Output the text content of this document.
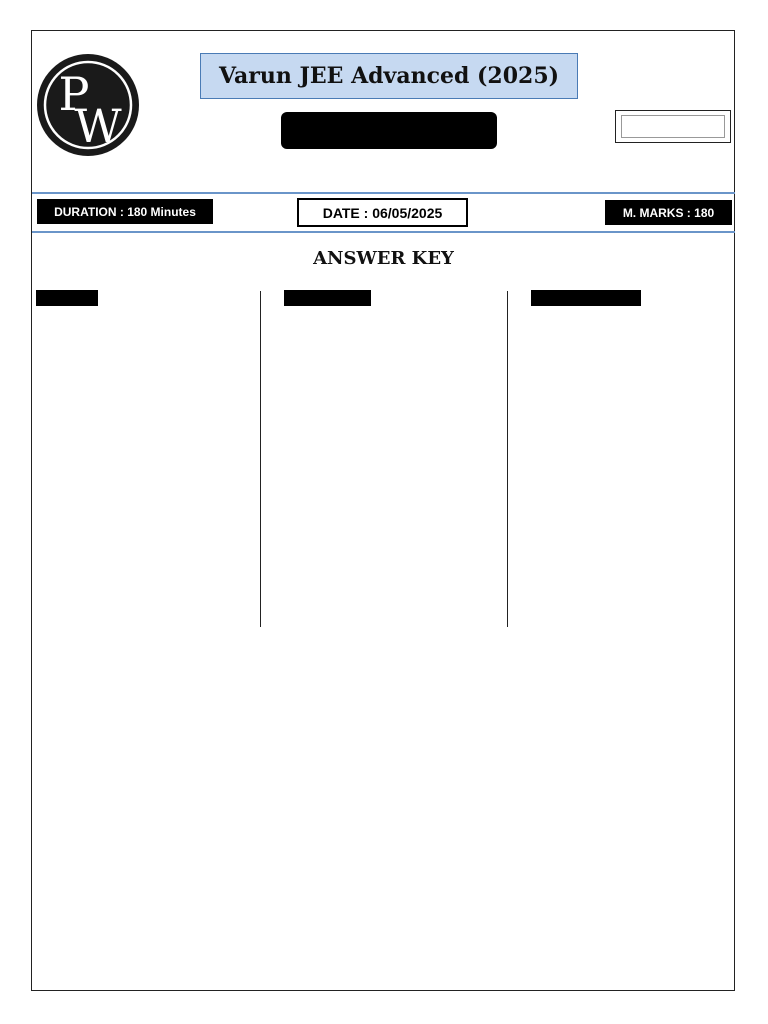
P
W
Varun JEE Advanced (2025)
DURATION : 180 Minutes	DATE : 06/05/2025	M. MARKS : 180
ANSWER KEY
